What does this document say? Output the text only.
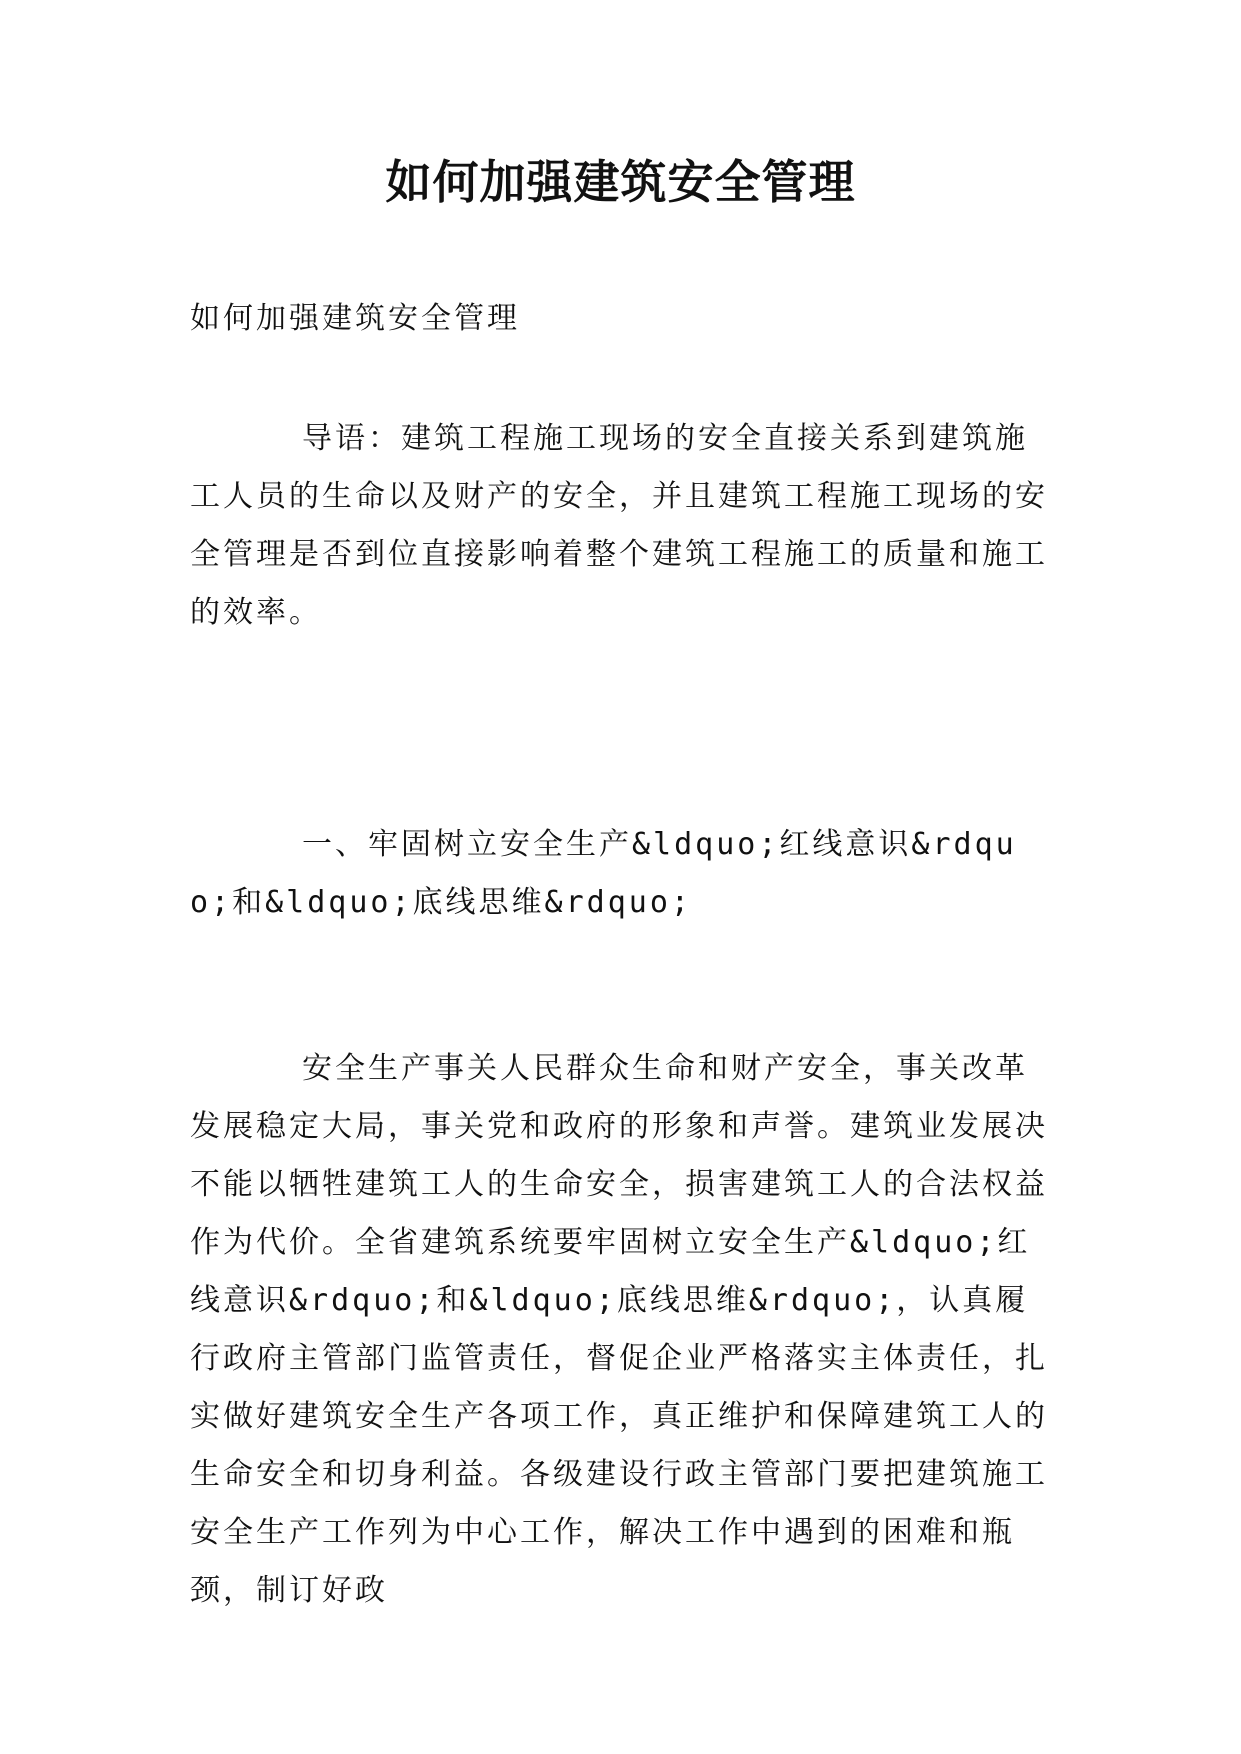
如何加强建筑安全管理

如何加强建筑安全管理

导语：建筑工程施工现场的安全直接关系到建筑施工人员的生命以及财产的安全，并且建筑工程施工现场的安全管理是否到位直接影响着整个建筑工程施工的质量和施工的效率。

一、牢固树立安全生产&ldquo;红线意识&rdquo;和&ldquo;底线思维&rdquo;

安全生产事关人民群众生命和财产安全，事关改革发展稳定大局，事关党和政府的形象和声誉。建筑业发展决不能以牺牲建筑工人的生命安全，损害建筑工人的合法权益作为代价。全省建筑系统要牢固树立安全生产&ldquo;红线意识&rdquo;和&ldquo;底线思维&rdquo;，认真履行政府主管部门监管责任，督促企业严格落实主体责任，扎实做好建筑安全生产各项工作，真正维护和保障建筑工人的生命安全和切身利益。各级建设行政主管部门要把建筑施工安全生产工作列为中心工作，解决工作中遇到的困难和瓶颈，制订好政
